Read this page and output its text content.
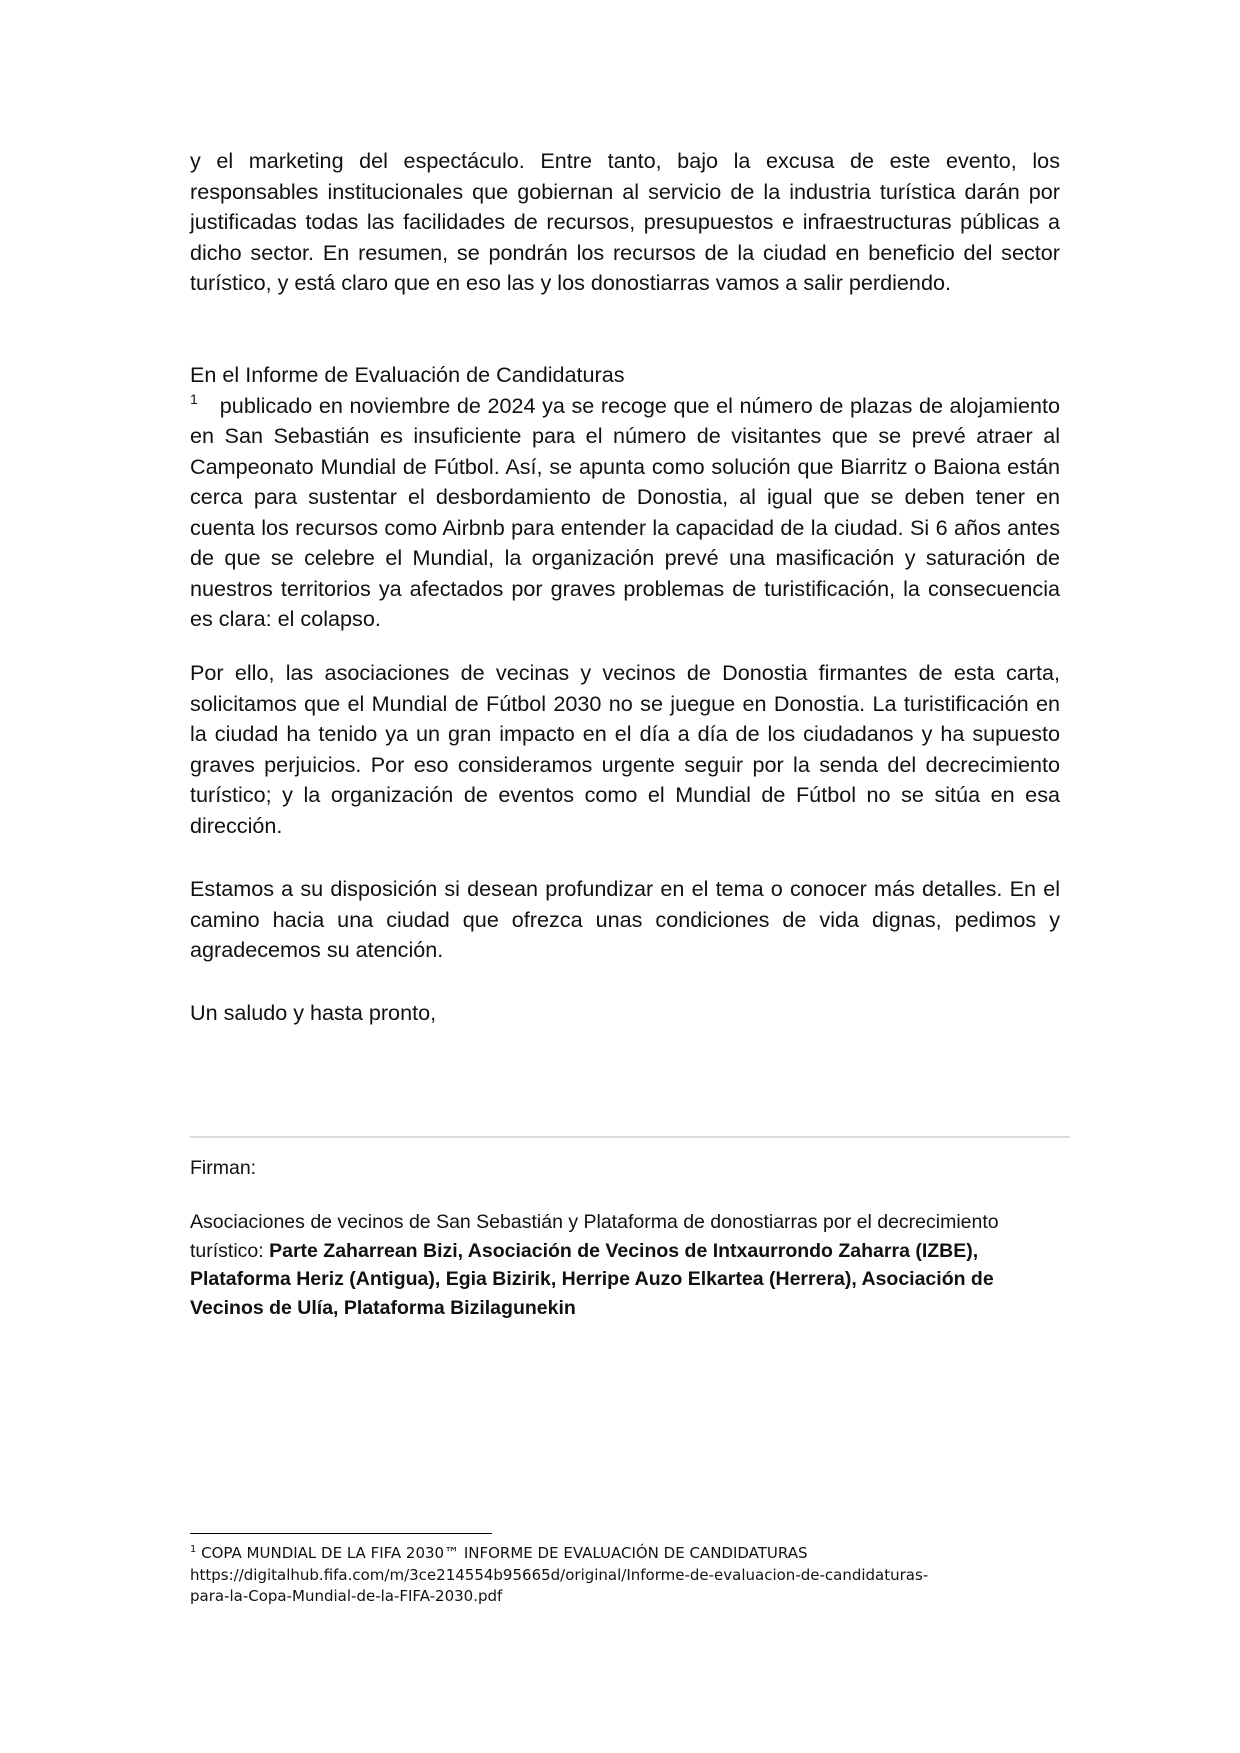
y el marketing del espectáculo. Entre tanto, bajo la excusa de este evento, los responsables institucionales que gobiernan al servicio de la industria turística darán por justificadas todas las facilidades de recursos, presupuestos e infraestructuras públicas a dicho sector. En resumen, se pondrán los recursos de la ciudad en beneficio del sector turístico, y está claro que en eso las y los donostiarras vamos a salir perdiendo.

En el Informe de Evaluación de Candidaturas

$^1$ publicado en noviembre de 2024 ya se recoge que el número de plazas de alojamiento en San Sebastián es insuficiente para el número de visitantes que se prevé atraer al Campeonato Mundial de Fútbol. Así, se apunta como solución que Biarritz o Baiona están cerca para sustentar el desbordamiento de Donostia, al igual que se deben tener en cuenta los recursos como Airbnb para entender la capacidad de la ciudad. Si 6 años antes de que se celebre el Mundial, la organización prevé una masificación y saturación de nuestros territorios ya afectados por graves problemas de turistificación, la consecuencia es clara: el colapso.

Por ello, las asociaciones de vecinas y vecinos de Donostia firmantes de esta carta, solicitamos que el Mundial de Fútbol 2030 no se juegue en Donostia. La turistificación en la ciudad ha tenido ya un gran impacto en el día a día de los ciudadanos y ha supuesto graves perjuicios. Por eso consideramos urgente seguir por la senda del decrecimiento turístico; y la organización de eventos como el Mundial de Fútbol no se sitúa en esa dirección.

Estamos a su disposición si desean profundizar en el tema o conocer más detalles. En el camino hacia una ciudad que ofrezca unas condiciones de vida dignas, pedimos y agradecemos su atención.

Un saludo y hasta pronto,

Firman:

Asociaciones de vecinos de San Sebastián y Plataforma de donostiarras por el decrecimiento turístico: Parte Zaharrean Bizi, Asociación de Vecinos de Intxaurrondo Zaharra (IZBE), Plataforma Heriz (Antigua), Egia Bizirik, Herripe Auzo Elkartea (Herrera), Asociación de Vecinos de Ulía, Plataforma Bizilagunekin

$^1$ COPA MUNDIAL DE LA FIFA 2030™ INFORME DE EVALUACIÓN DE CANDIDATURAS

https://digitalhub.fifa.com/m/3ce214554b95665d/original/Informe-de-evaluacion-de-candidaturas-

para-la-Copa-Mundial-de-la-FIFA-2030.pdf
